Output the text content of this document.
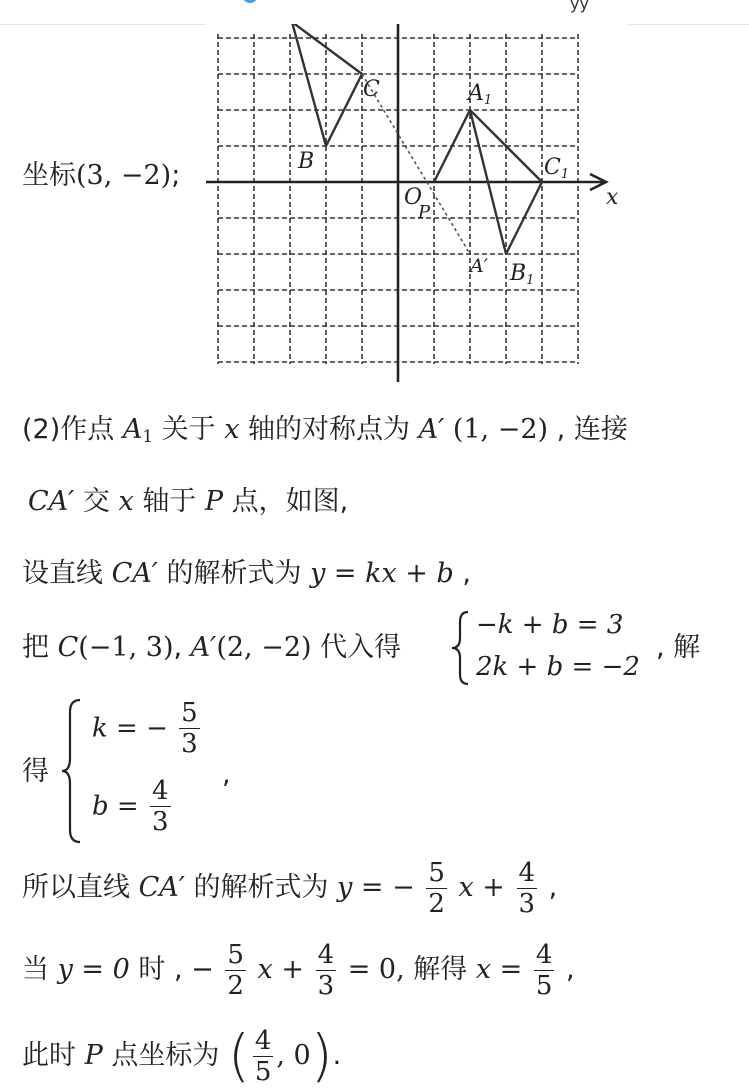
yy
坐标(3, −2);
C	A1
B	C1
O
P
A′ B1
x
(2)作点 $A_1$ 关于 x 轴的对称点为 A′ (1, −2) , 连接
CA′ 交 x 轴于 P 点，如图,
设直线 CA′ 的解析式为 y = kx + b ,
把 C(−1, 3), A′(2, −2) 代入得
−k + b = 3
2k + b = −2
, 解
得
k = − $\frac{5}{3}$
$b = \frac{4}{3}$
,
所以直线 CA′ 的解析式为 y = − $\frac{5}{2}$ $x + \frac{4}{3}$ ,
当 y = 0 时 , − $\frac{5}{2}$ $x + \frac{4}{3} = 0$, 解得 $x = \frac{4}{5}$ ,
此时 P 点坐标为 ( $\frac{4}{5}$ , 0).
